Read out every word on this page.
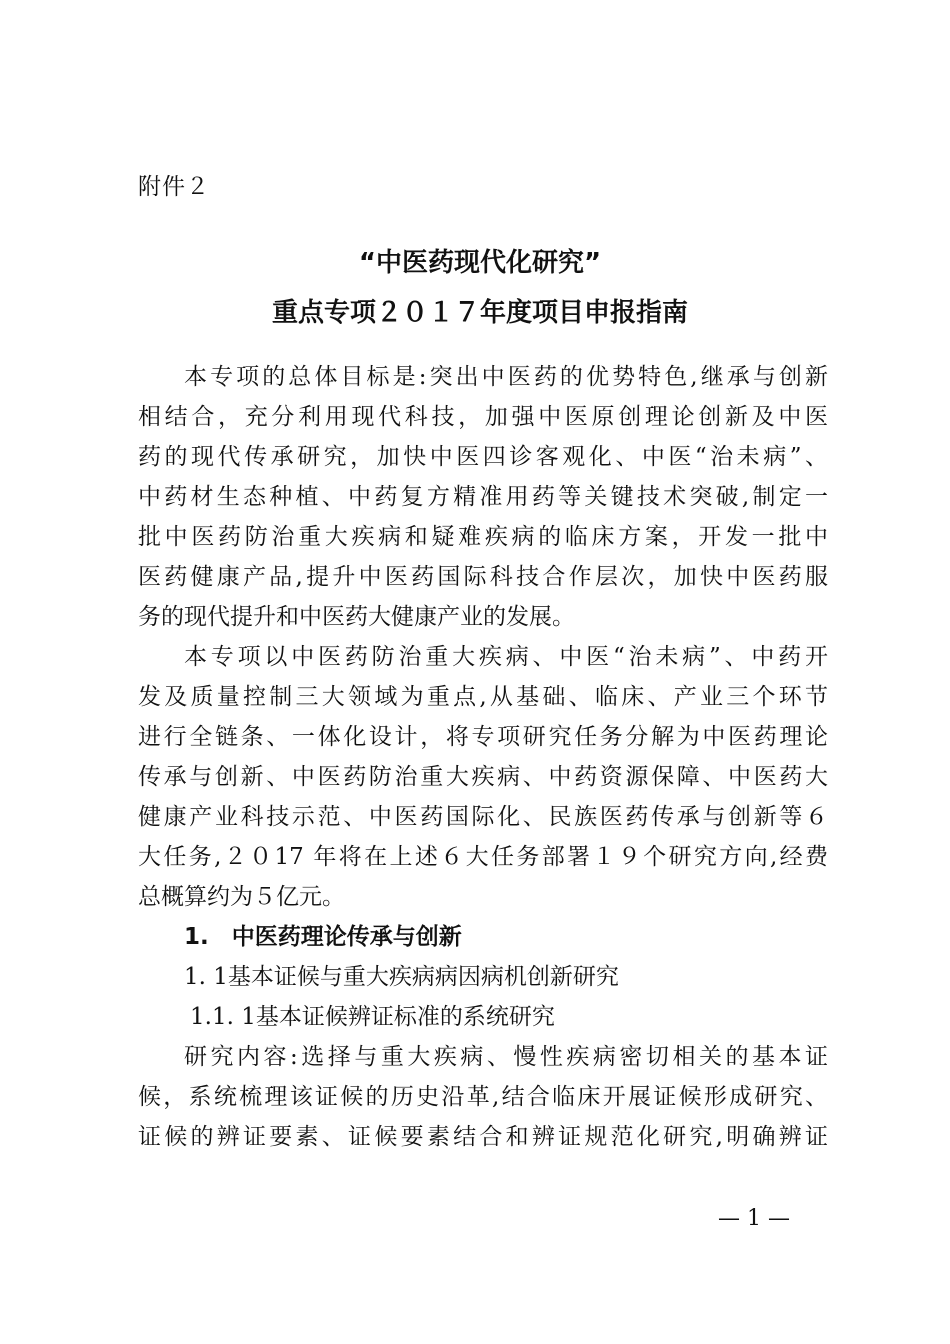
附件２
“中医药现代化研究”
重点专项２０１７年度项目申报指南
本专项的总体目标是:突出中医药的优势特色,继承与创新
相结合，充分利用现代科技，加强中医原创理论创新及中医
药的现代传承研究，加快中医四诊客观化、中医“治未病”、
中药材生态种植、中药复方精准用药等关键技术突破,制定一
批中医药防治重大疾病和疑难疾病的临床方案，开发一批中
医药健康产品,提升中医药国际科技合作层次，加快中医药服
务的现代提升和中医药大健康产业的发展。
本专项以中医药防治重大疾病、中医“治未病”、中药开
发及质量控制三大领域为重点,从基础、临床、产业三个环节
进行全链条、一体化设计，将专项研究任务分解为中医药理论
传承与创新、中医药防治重大疾病、中药资源保障、中医药大
健康产业科技示范、中医药国际化、民族医药传承与创新等６
大任务,２０17 年将在上述６大任务部署１９个研究方向,经费
总概算约为５亿元。
1.　中医药理论传承与创新
1. 1基本证候与重大疾病病因病机创新研究
1.1. 1基本证候辨证标准的系统研究
研究内容:选择与重大疾病、慢性疾病密切相关的基本证
候，系统梳理该证候的历史沿革,结合临床开展证候形成研究、
证候的辨证要素、证候要素结合和辨证规范化研究,明确辨证
— 1 —
